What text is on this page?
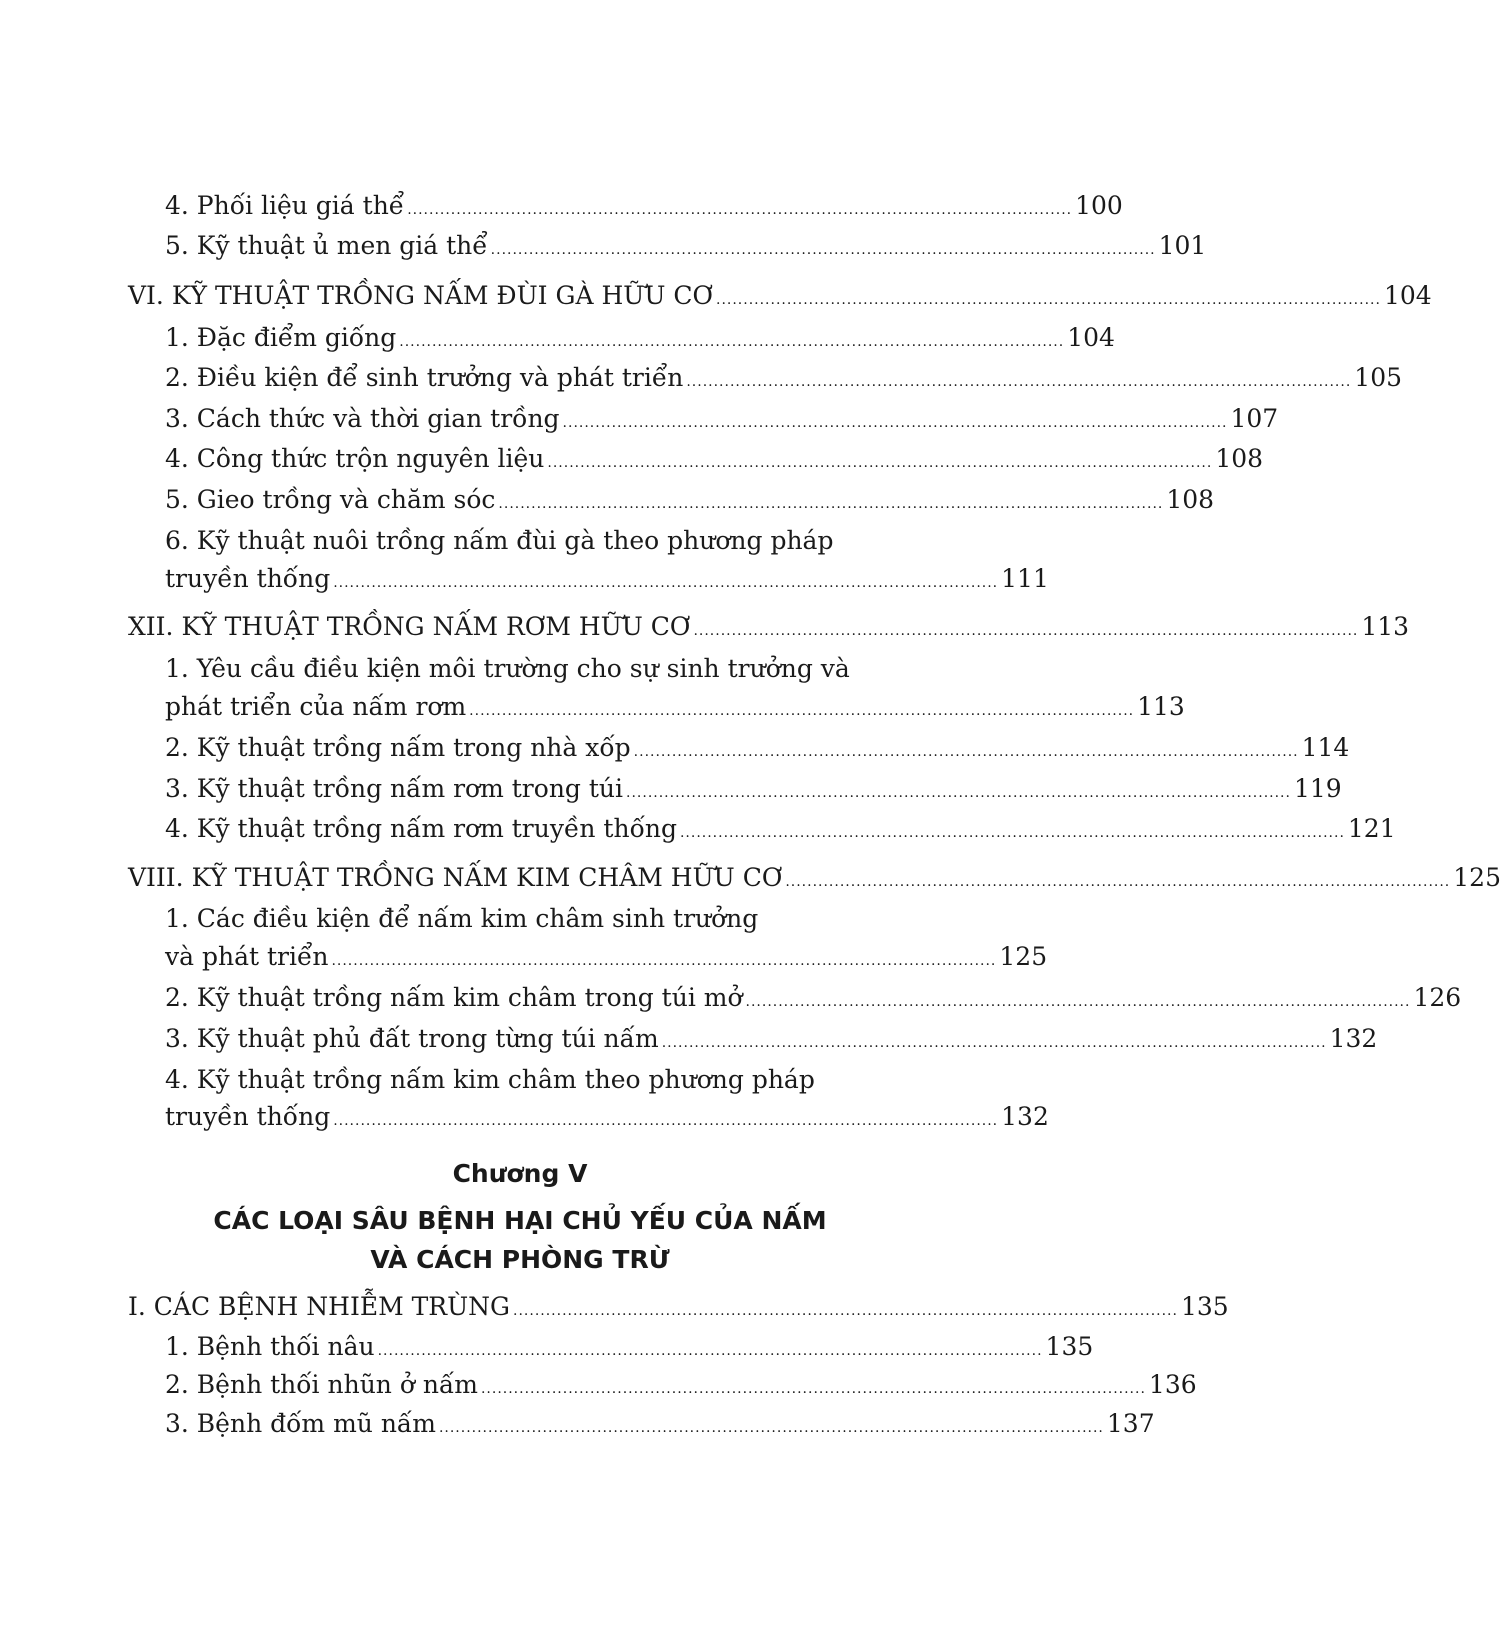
4. Phối liệu giá thể .......................................................................................................................... 100
5. Kỹ thuật ủ men giá thể .......................................................................................................................... 101
VI. KỸ THUẬT TRỒNG NẤM ĐÙI GÀ HỮU CƠ .......................................................................................................................... 104
1. Đặc điểm giống .......................................................................................................................... 104
2. Điều kiện để sinh trưởng và phát triển .......................................................................................................................... 105
3. Cách thức và thời gian trồng .......................................................................................................................... 107
4. Công thức trộn nguyên liệu .......................................................................................................................... 108
5. Gieo trồng và chăm sóc .......................................................................................................................... 108
6. Kỹ thuật nuôi trồng nấm đùi gà theo phương pháp
truyền thống .......................................................................................................................... 111
XII. KỸ THUẬT TRỒNG NẤM RƠM HỮU CƠ .......................................................................................................................... 113
1. Yêu cầu điều kiện môi trường cho sự sinh trưởng và
phát triển của nấm rơm .......................................................................................................................... 113
2. Kỹ thuật trồng nấm trong nhà xốp .......................................................................................................................... 114
3. Kỹ thuật trồng nấm rơm trong túi .......................................................................................................................... 119
4. Kỹ thuật trồng nấm rơm truyền thống .......................................................................................................................... 121
VIII. KỸ THUẬT TRỒNG NẤM KIM CHÂM HỮU CƠ .......................................................................................................................... 125
1. Các điều kiện để nấm kim châm sinh trưởng
và phát triển .......................................................................................................................... 125
2. Kỹ thuật trồng nấm kim châm trong túi mở .......................................................................................................................... 126
3. Kỹ thuật phủ đất trong từng túi nấm .......................................................................................................................... 132
4. Kỹ thuật trồng nấm kim châm theo phương pháp
truyền thống .......................................................................................................................... 132
Chương V
CÁC LOẠI SÂU BỆNH HẠI CHỦ YẾU CỦA NẤM
VÀ CÁCH PHÒNG TRỪ
I. CÁC BỆNH NHIỄM TRÙNG .......................................................................................................................... 135
1. Bệnh thối nâu .......................................................................................................................... 135
2. Bệnh thối nhũn ở nấm .......................................................................................................................... 136
3. Bệnh đốm mũ nấm .......................................................................................................................... 137
